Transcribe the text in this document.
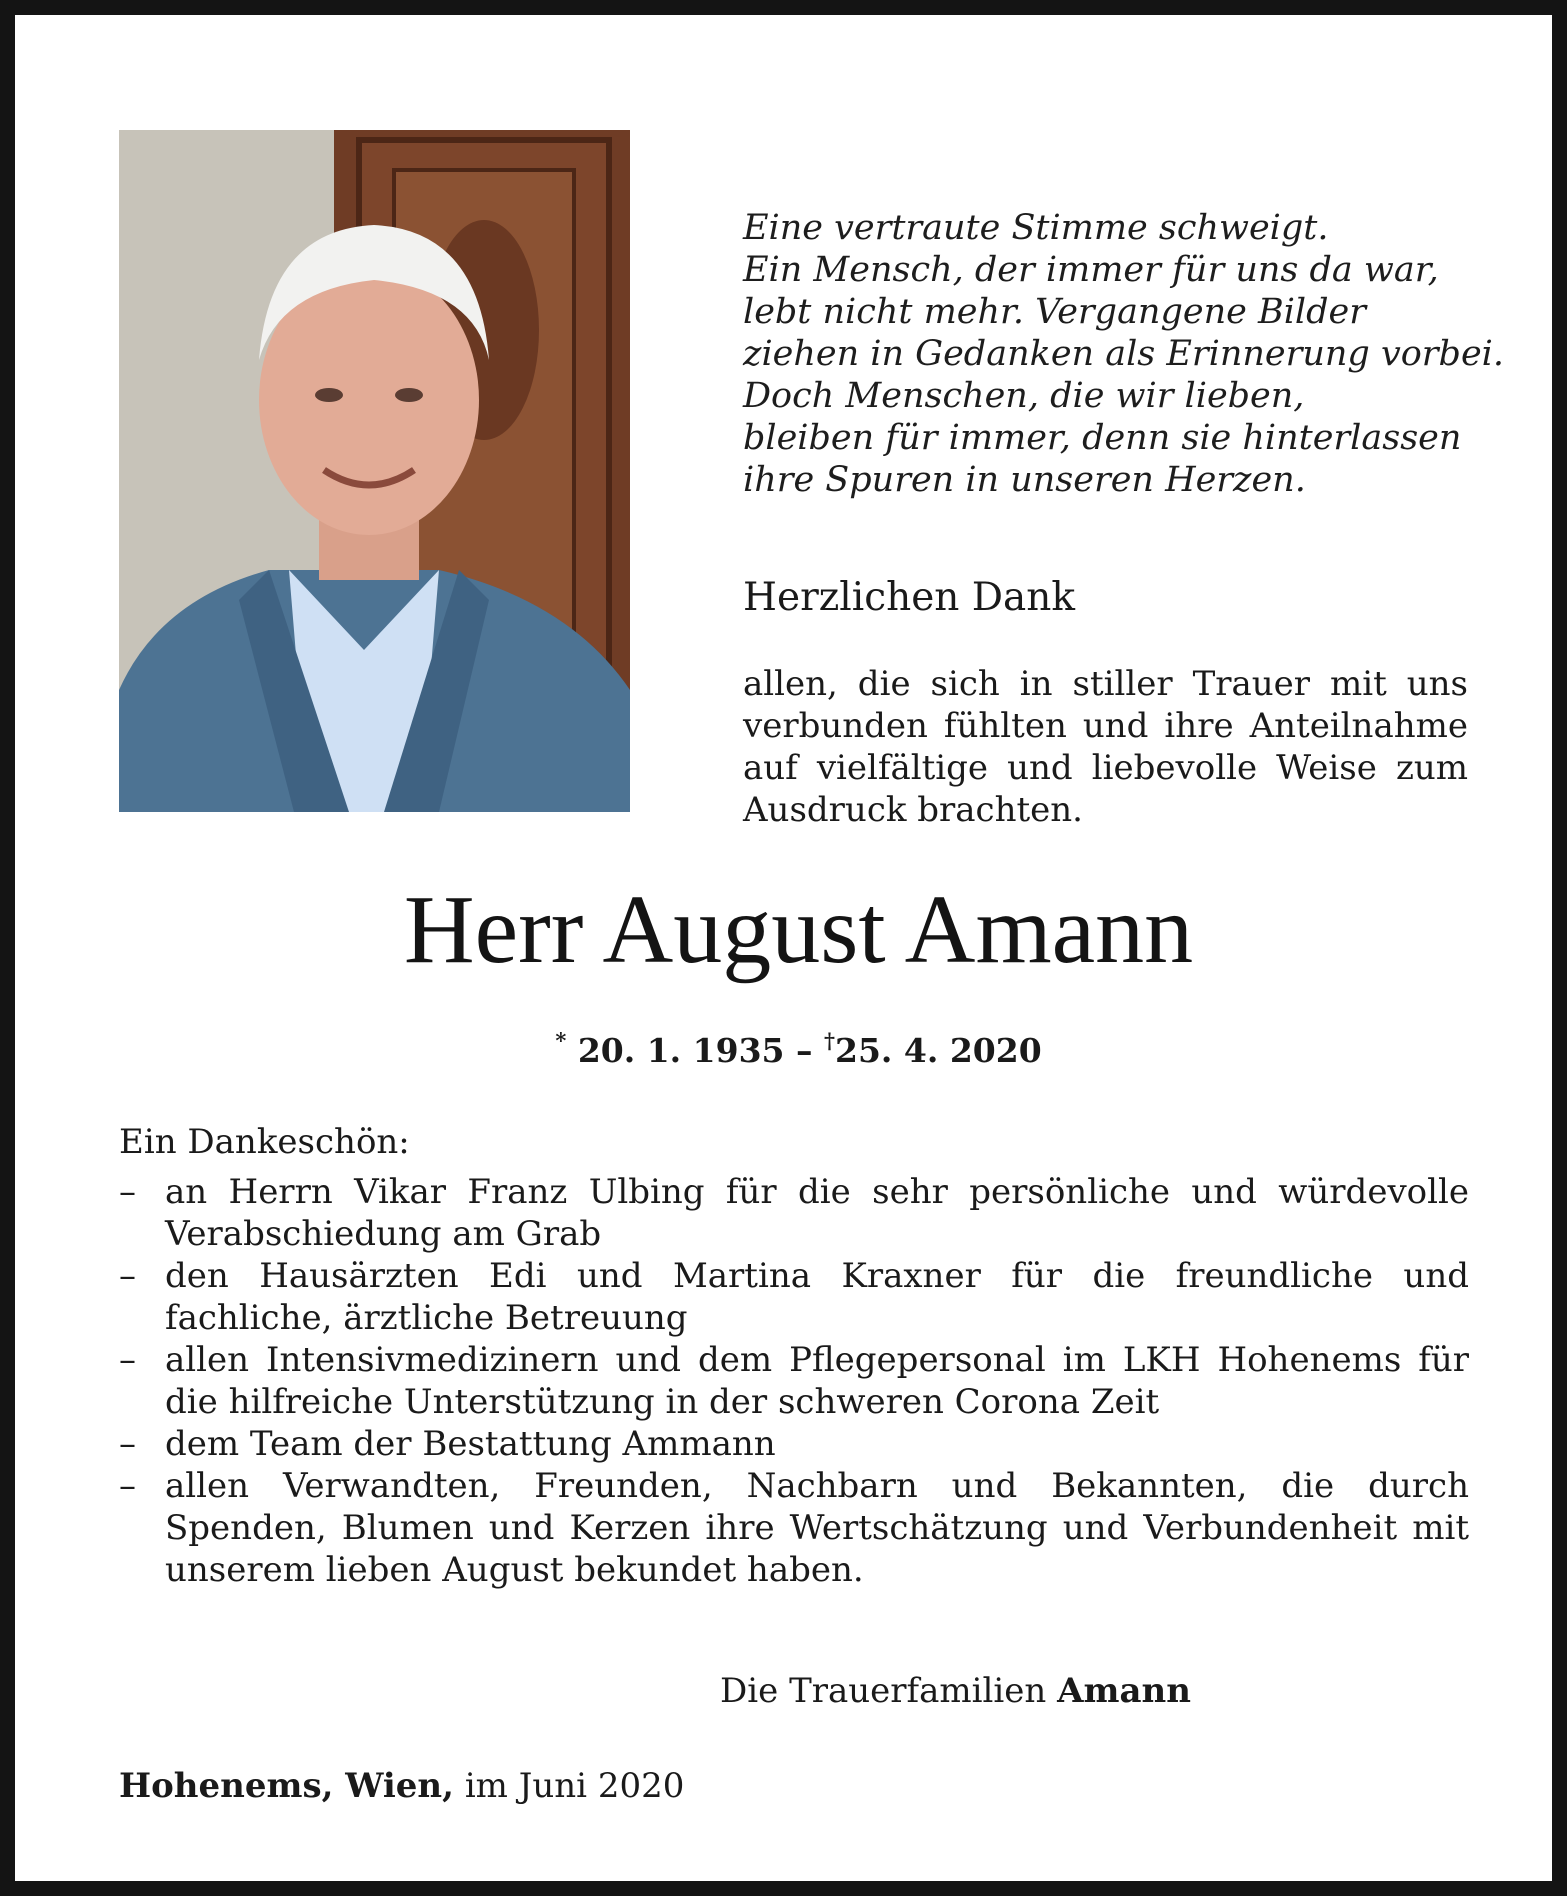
Eine vertraute Stimme schweigt.
Ein Mensch, der immer für uns da war,
lebt nicht mehr. Vergangene Bilder
ziehen in Gedanken als Erinnerung vorbei.
Doch Menschen, die wir lieben,
bleiben für immer, denn sie hinterlassen
ihre Spuren in unseren Herzen.
Herzlichen Dank
allen, die sich in stiller Trauer mit uns verbunden fühlten und ihre Anteilnahme auf vielfältige und liebevolle Weise zum Ausdruck brachten.
Herr August Amann
* 20. 1. 1935 – †25. 4. 2020
Ein Dankeschön:
– an Herrn Vikar Franz Ulbing für die sehr persönliche und würdevolle Verabschiedung am Grab
– den Hausärzten Edi und Martina Kraxner für die freundliche und fachliche, ärztliche Betreuung
– allen Intensivmedizinern und dem Pflegepersonal im LKH Hohenems für die hilfreiche Unterstützung in der schweren Corona Zeit
– dem Team der Bestattung Ammann
– allen Verwandten, Freunden, Nachbarn und Bekannten, die durch Spenden, Blumen und Kerzen ihre Wertschätzung und Verbundenheit mit unserem lieben August bekundet haben.
Die Trauerfamilien Amann
Hohenems, Wien, im Juni 2020
